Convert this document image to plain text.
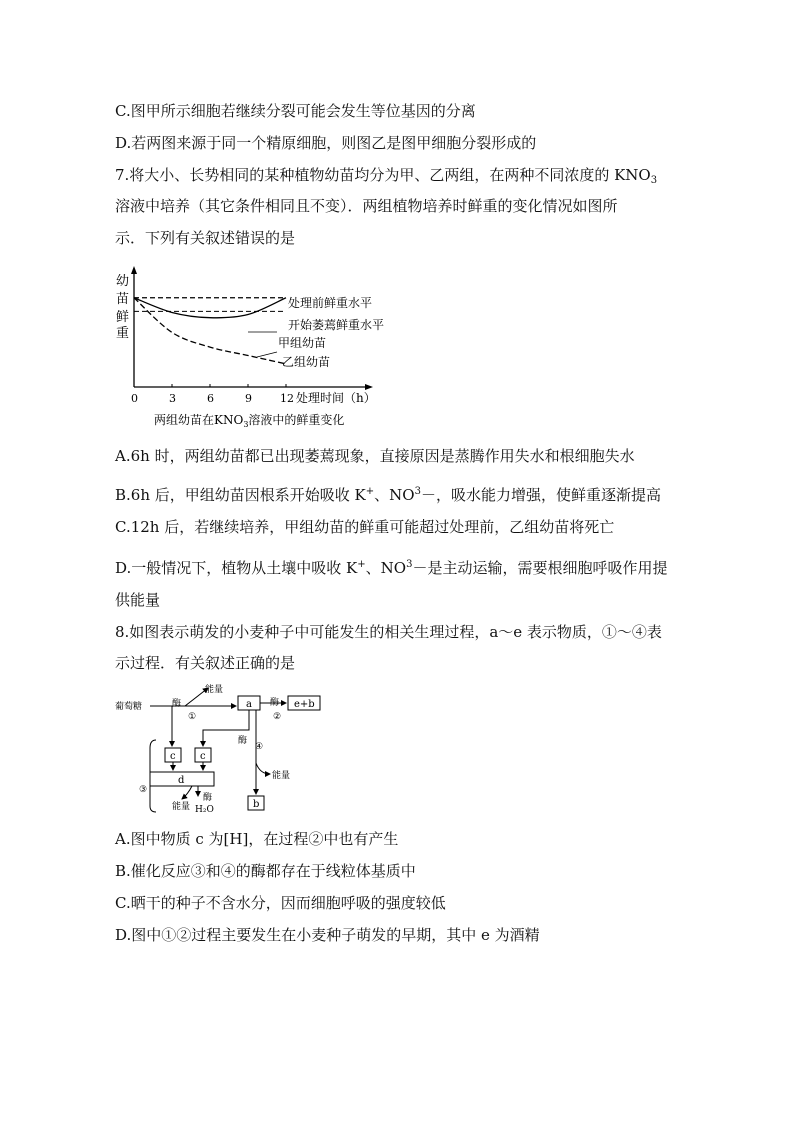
C.图甲所示细胞若继续分裂可能会发生等位基因的分离
D.若两图来源于同一个精原细胞，则图乙是图甲细胞分裂形成的
7.将大小、长势相同的某种植物幼苗均分为甲、乙两组，在两种不同浓度的 $KNO_3$
溶液中培养（其它条件相同且不变）．两组植物培养时鲜重的变化情况如图所
示．下列有关叙述错误的是
幼
苗
鲜
重
0	3	6	9	12
处理前鲜重水平
开始萎蔫鲜重水平
甲组幼苗
乙组幼苗
处理时间（h）
两组幼苗在$KNO_3$溶液中的鲜重变化
A.6h 时，两组幼苗都已出现萎蔫现象，直接原因是蒸腾作用失水和根细胞失水
B.6h 后，甲组幼苗因根系开始吸收 K+、$NO^3-$，吸水能力增强，使鲜重逐渐提高
C.12h 后，若继续培养，甲组幼苗的鲜重可能超过处理前，乙组幼苗将死亡
D.一般情况下，植物从土壤中吸收 K+、$NO^3-$是主动运输，需要根细胞呼吸作用提
供能量
8.如图表示萌发的小麦种子中可能发生的相关生理过程，a～e 表示物质，①～④表
示过程．有关叙述正确的是
葡萄糖	酶
能量
①
酶
②
酶
④
能量
③
能量
酶
H₂O
a	e+b
c c
d
b
A.图中物质 c 为[H]，在过程②中也有产生
B.催化反应③和④的酶都存在于线粒体基质中
C.晒干的种子不含水分，因而细胞呼吸的强度较低
D.图中①②过程主要发生在小麦种子萌发的早期，其中 e 为酒精
